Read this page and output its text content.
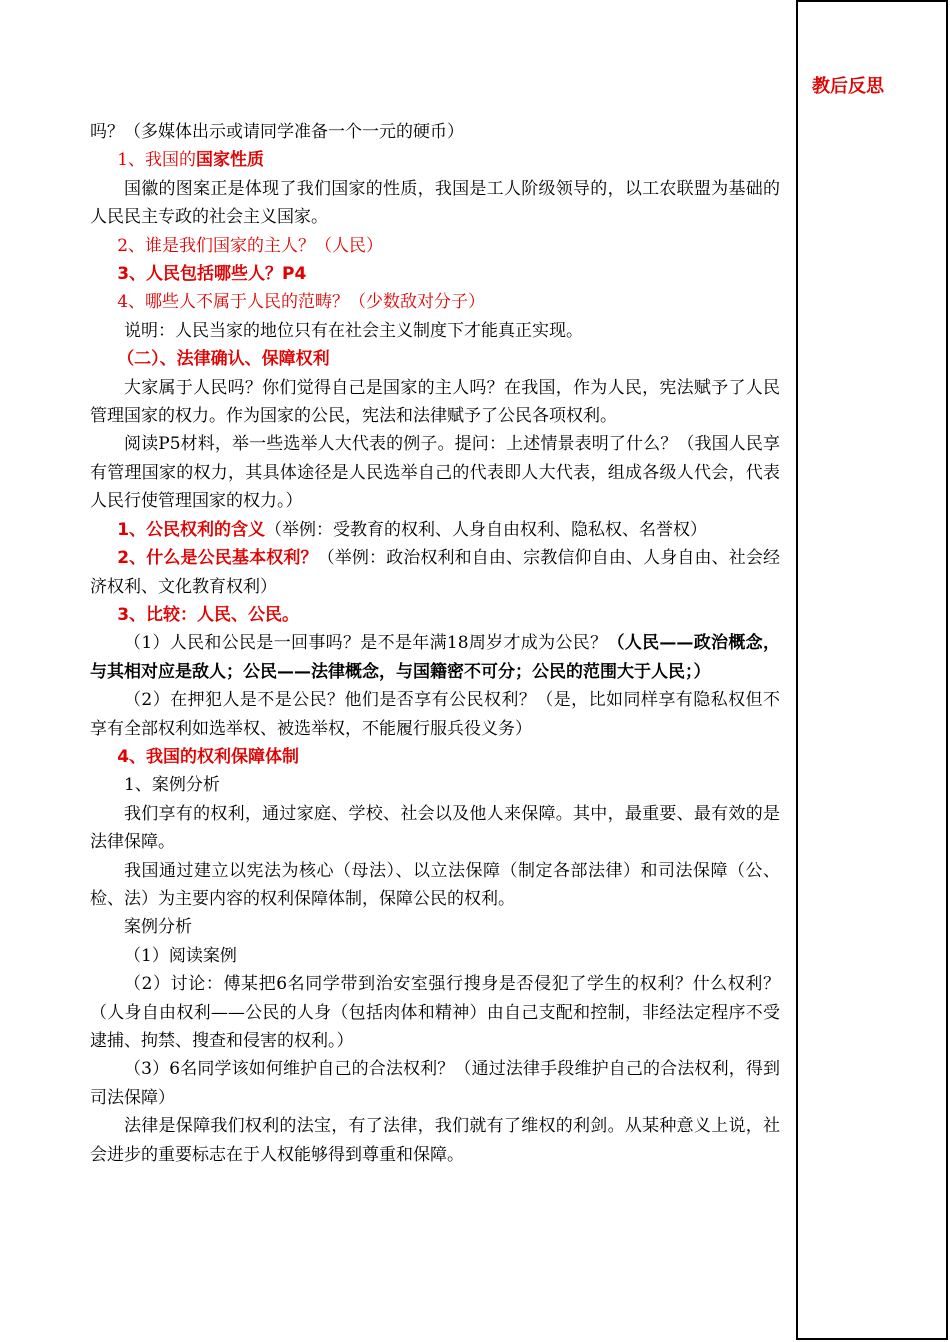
教后反思

吗？（多媒体出示或请同学准备一个一元的硬币）

1、我国的国家性质

国徽的图案正是体现了我们国家的性质，我国是工人阶级领导的，以工农联盟为基础的人民民主专政的社会主义国家。

2、谁是我们国家的主人？（人民）

3、人民包括哪些人？P4

4、哪些人不属于人民的范畴？（少数敌对分子）

说明：人民当家的地位只有在社会主义制度下才能真正实现。

（二）、法律确认、保障权利

大家属于人民吗？你们觉得自己是国家的主人吗？在我国，作为人民，宪法赋予了人民管理国家的权力。作为国家的公民，宪法和法律赋予了公民各项权利。

阅读P5材料，举一些选举人大代表的例子。提问：上述情景表明了什么？（我国人民享有管理国家的权力，其具体途径是人民选举自己的代表即人大代表，组成各级人代会，代表人民行使管理国家的权力。）

1、公民权利的含义（举例：受教育的权利、人身自由权利、隐私权、名誉权）

2、什么是公民基本权利？（举例：政治权利和自由、宗教信仰自由、人身自由、社会经济权利、文化教育权利）

3、比较：人民、公民。

（1）人民和公民是一回事吗？是不是年满18周岁才成为公民？（人民——政治概念，与其相对应是敌人；公民——法律概念，与国籍密不可分；公民的范围大于人民；）

（2）在押犯人是不是公民？他们是否享有公民权利？（是，比如同样享有隐私权但不享有全部权利如选举权、被选举权，不能履行服兵役义务）

4、我国的权利保障体制

1、案例分析

我们享有的权利，通过家庭、学校、社会以及他人来保障。其中，最重要、最有效的是法律保障。

我国通过建立以宪法为核心（母法）、以立法保障（制定各部法律）和司法保障（公、检、法）为主要内容的权利保障体制，保障公民的权利。

案例分析

（1）阅读案例

（2）讨论：傅某把6名同学带到治安室强行搜身是否侵犯了学生的权利？什么权利？（人身自由权利——公民的人身（包括肉体和精神）由自己支配和控制，非经法定程序不受逮捕、拘禁、搜查和侵害的权利。）

（3）6名同学该如何维护自己的合法权利？（通过法律手段维护自己的合法权利，得到司法保障）

法律是保障我们权利的法宝，有了法律，我们就有了维权的利剑。从某种意义上说，社会进步的重要标志在于人权能够得到尊重和保障。
